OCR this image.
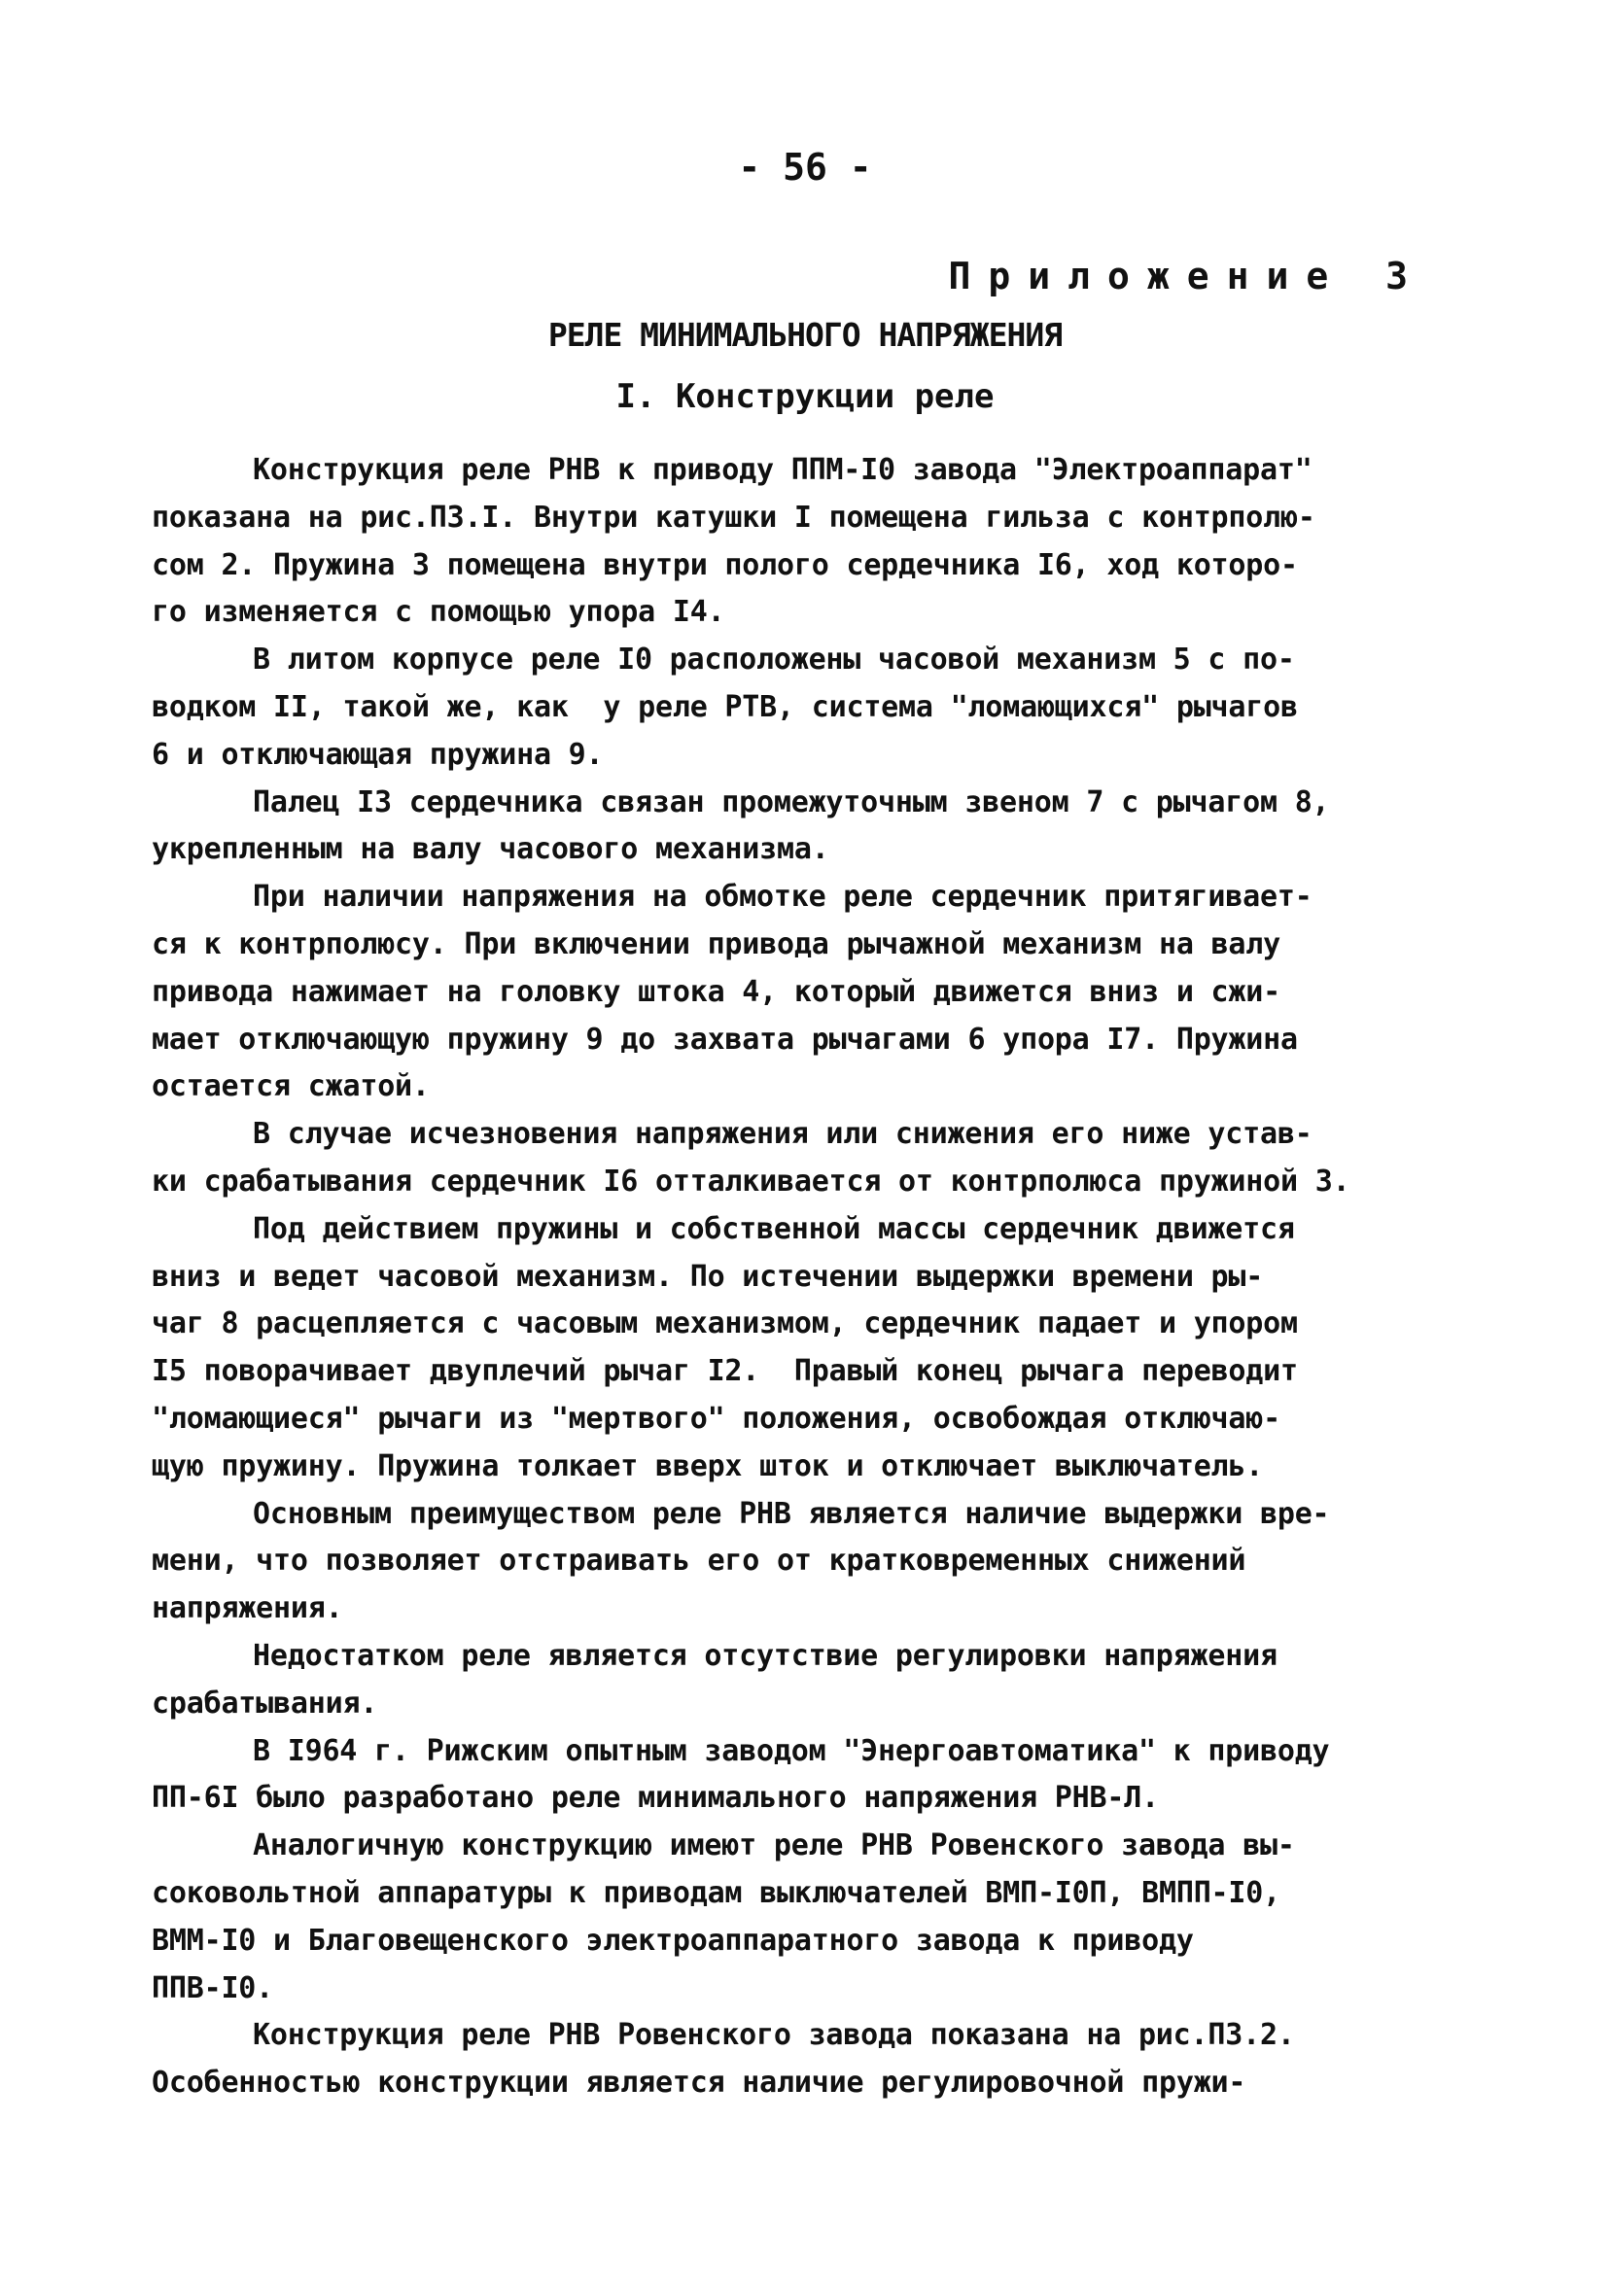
- 56 -
Приложение 3
РЕЛЕ МИНИМАЛЬНОГО НАПРЯЖЕНИЯ
I. Конструкции реле
Конструкция реле РНВ к приводу ППМ-I0 завода "Электроаппарат"
показана на рис.П3.I. Внутри катушки I помещена гильза с контрполю-
сом 2. Пружина 3 помещена внутри полого сердечника I6, ход которо-
го изменяется с помощью упора I4.
В литом корпусе реле I0 расположены часовой механизм 5 с по-
водком II, такой же, как  у реле РТВ, система "ломающихся" рычагов
6 и отключающая пружина 9.
Палец I3 сердечника связан промежуточным звеном 7 с рычагом 8,
укрепленным на валу часового механизма.
При наличии напряжения на обмотке реле сердечник притягивает-
ся к контрполюсу. При включении привода рычажной механизм на валу
привода нажимает на головку штока 4, который движется вниз и сжи-
мает отключающую пружину 9 до захвата рычагами 6 упора I7. Пружина
остается сжатой.
В случае исчезновения напряжения или снижения его ниже устав-
ки срабатывания сердечник I6 отталкивается от контрполюса пружиной 3.
Под действием пружины и собственной массы сердечник движется
вниз и ведет часовой механизм. По истечении выдержки времени ры-
чаг 8 расцепляется с часовым механизмом, сердечник падает и упором
I5 поворачивает двуплечий рычаг I2.  Правый конец рычага переводит
"ломающиеся" рычаги из "мертвого" положения, освобождая отключаю-
щую пружину. Пружина толкает вверх шток и отключает выключатель.
Основным преимуществом реле РНВ является наличие выдержки вре-
мени, что позволяет отстраивать его от кратковременных снижений
напряжения.
Недостатком реле является отсутствие регулировки напряжения
срабатывания.
В I964 г. Рижским опытным заводом "Энергоавтоматика" к приводу
ПП-6I было разработано реле минимального напряжения РНВ-Л.
Аналогичную конструкцию имеют реле РНВ Ровенского завода вы-
соковольтной аппаратуры к приводам выключателей ВМП-I0П, ВМПП-I0,
ВММ-I0 и Благовещенского электроаппаратного завода к приводу
ППВ-I0.
Конструкция реле РНВ Ровенского завода показана на рис.П3.2.
Особенностью конструкции является наличие регулировочной пружи-
